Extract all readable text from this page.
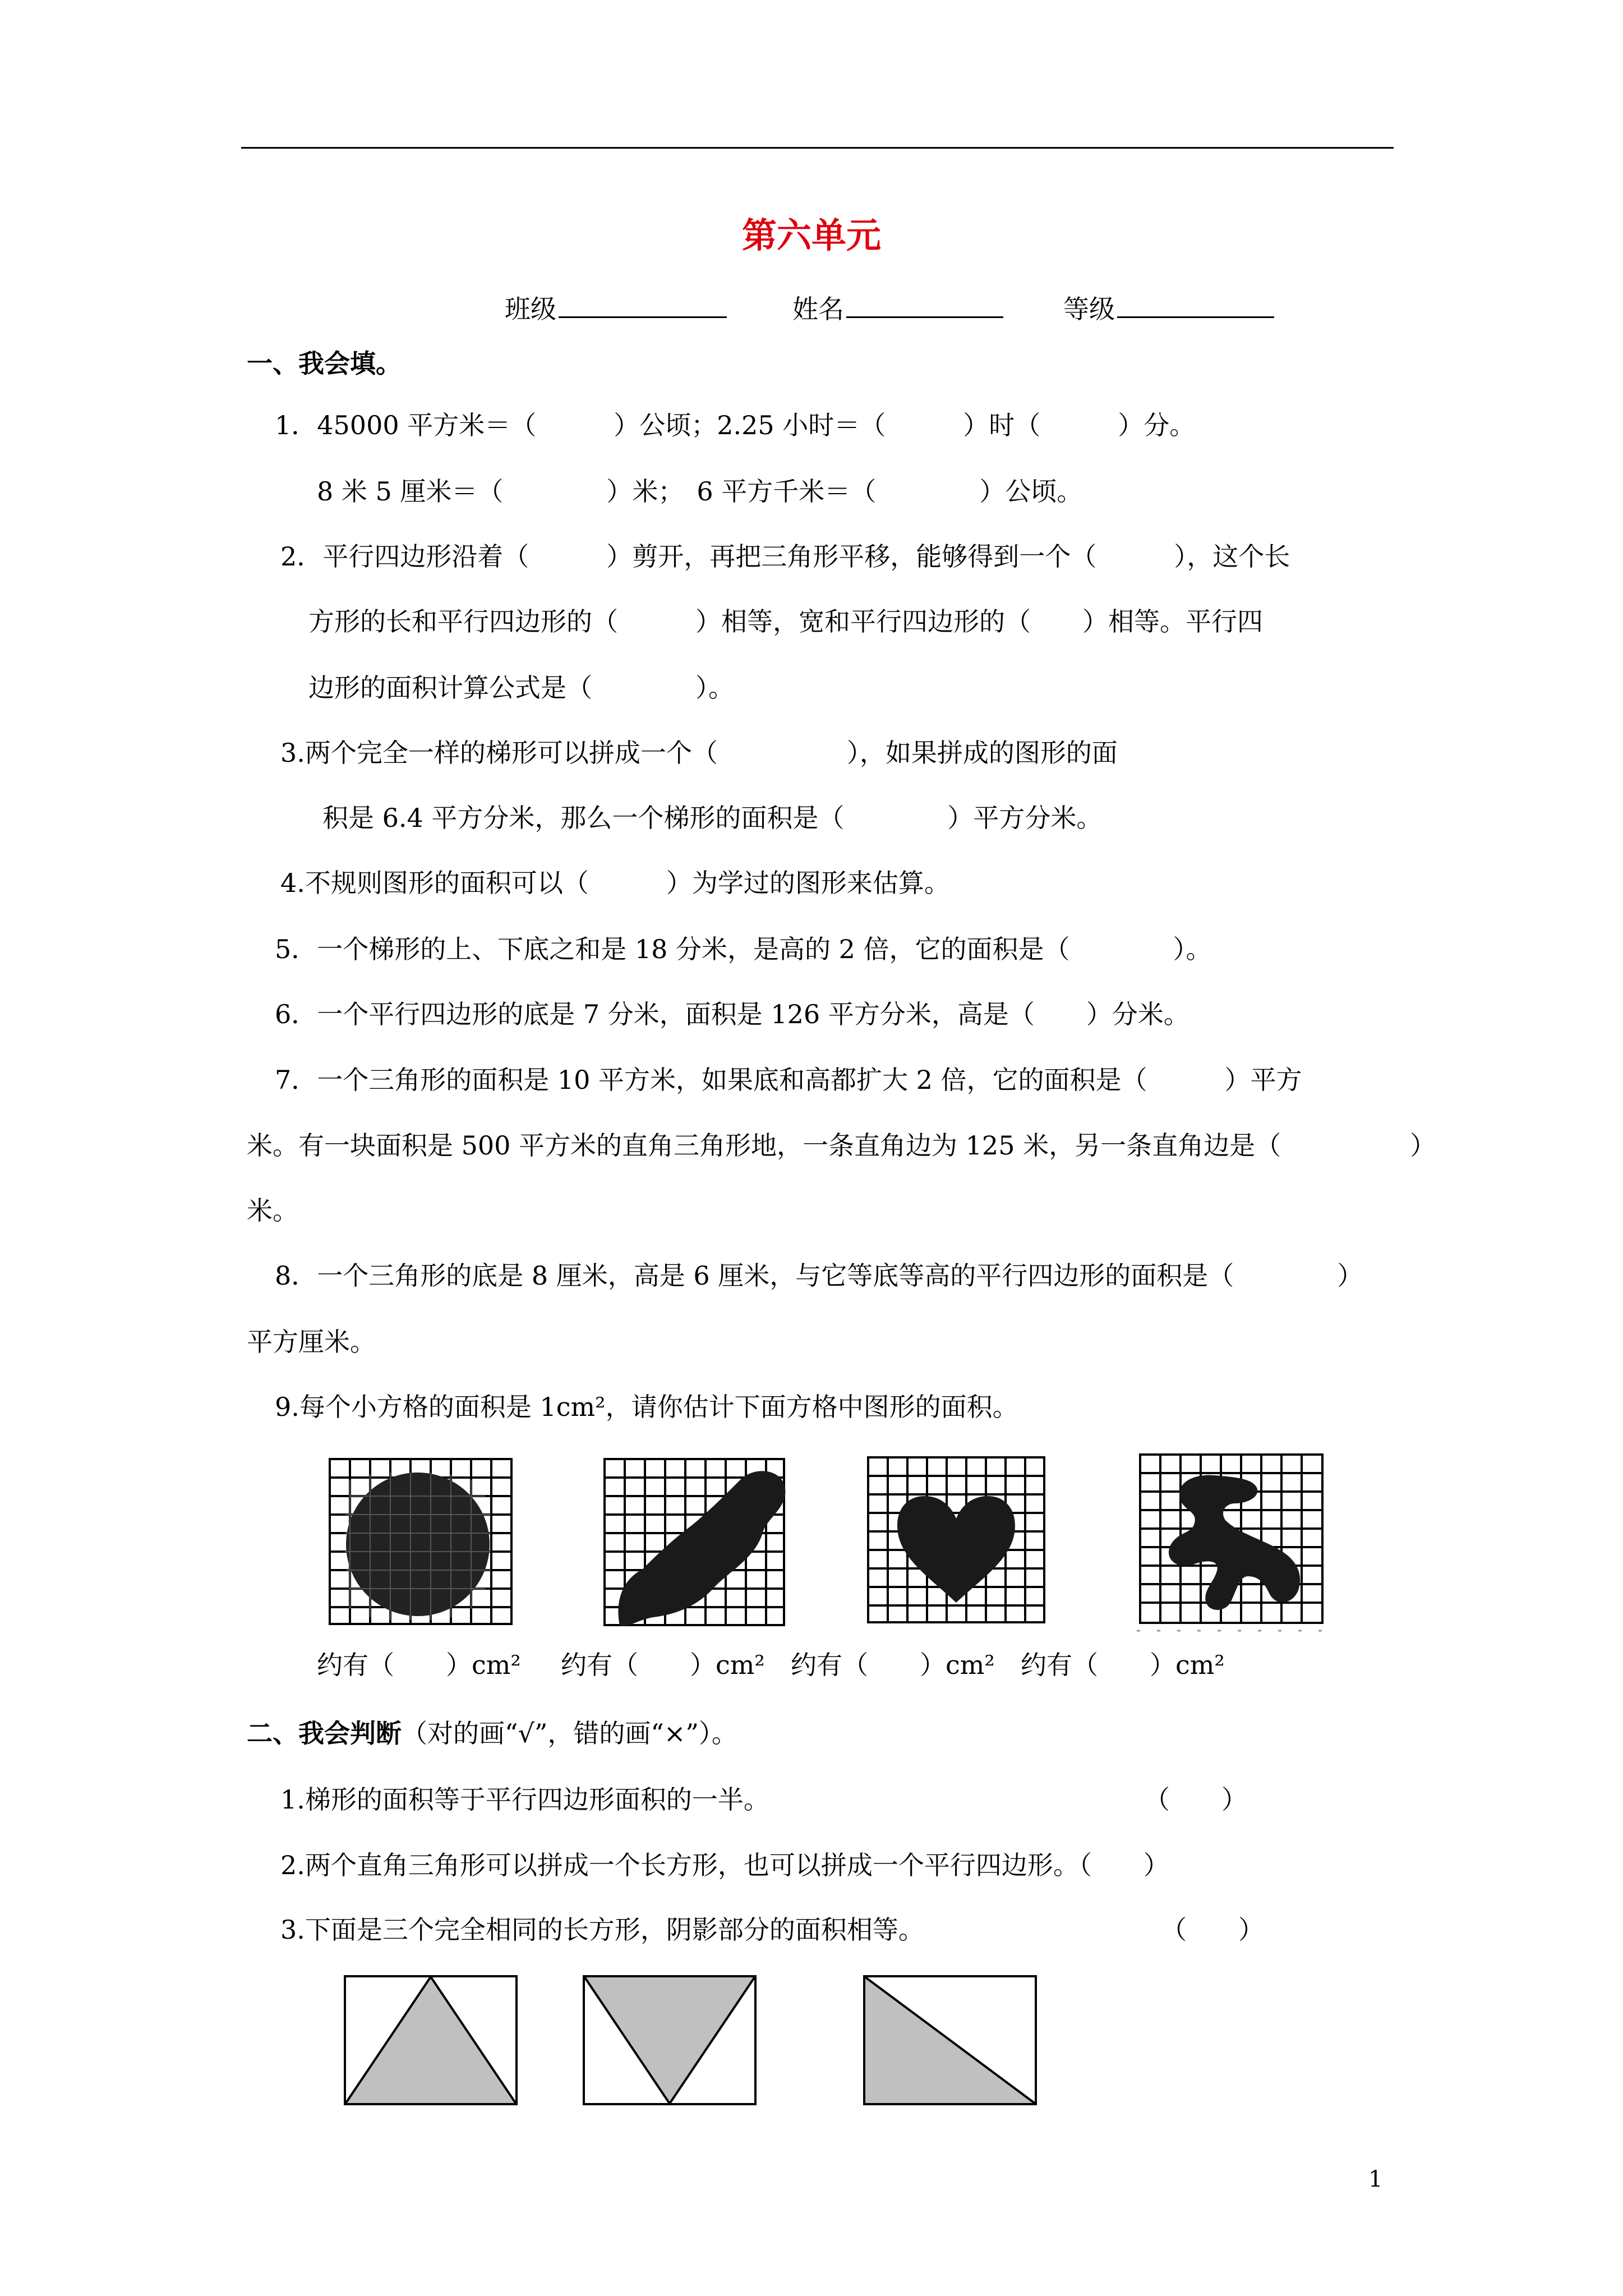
第六单元
班级	姓名	等级
一、我会填。
1．45000 平方米＝（　　　）公顷；2.25 小时＝（　　　）时（　　　）分。
8 米 5 厘米＝（　　　　）米；　6 平方千米＝（　　　　）公顷。
2．平行四边形沿着（　　　）剪开，再把三角形平移，能够得到一个（　　　），这个长
方形的长和平行四边形的（　　　）相等，宽和平行四边形的（　　）相等。平行四
边形的面积计算公式是（　　　　）。
3.两个完全一样的梯形可以拼成一个（　　　　　），如果拼成的图形的面
积是 6.4 平方分米，那么一个梯形的面积是（　　　　）平方分米。
4.不规则图形的面积可以（　　　）为学过的图形来估算。
5．一个梯形的上、下底之和是 18 分米，是高的 2 倍，它的面积是（　　　　）。
6．一个平行四边形的底是 7 分米，面积是 126 平方分米，高是（　　）分米。
7．一个三角形的面积是 10 平方米，如果底和高都扩大 2 倍，它的面积是（　　　）平方
米。有一块面积是 500 平方米的直角三角形地，一条直角边为 125 米，另一条直角边是（　　　　　）
米。
8．一个三角形的底是 8 厘米，高是 6 厘米，与它等底等高的平行四边形的面积是（　　　　）
平方厘米。
9.每个小方格的面积是 1cm²，请你估计下面方格中图形的面积。
约有（　　）cm² 约有（　　）cm² 约有（　　）cm² 约有（　　）cm²
二、我会判断（对的画“√”，错的画“×”）。
1.梯形的面积等于平行四边形面积的一半。	（　　）
2.两个直角三角形可以拼成一个长方形，也可以拼成一个平行四边形。（　　）
3.下面是三个完全相同的长方形，阴影部分的面积相等。	（　　）
1
